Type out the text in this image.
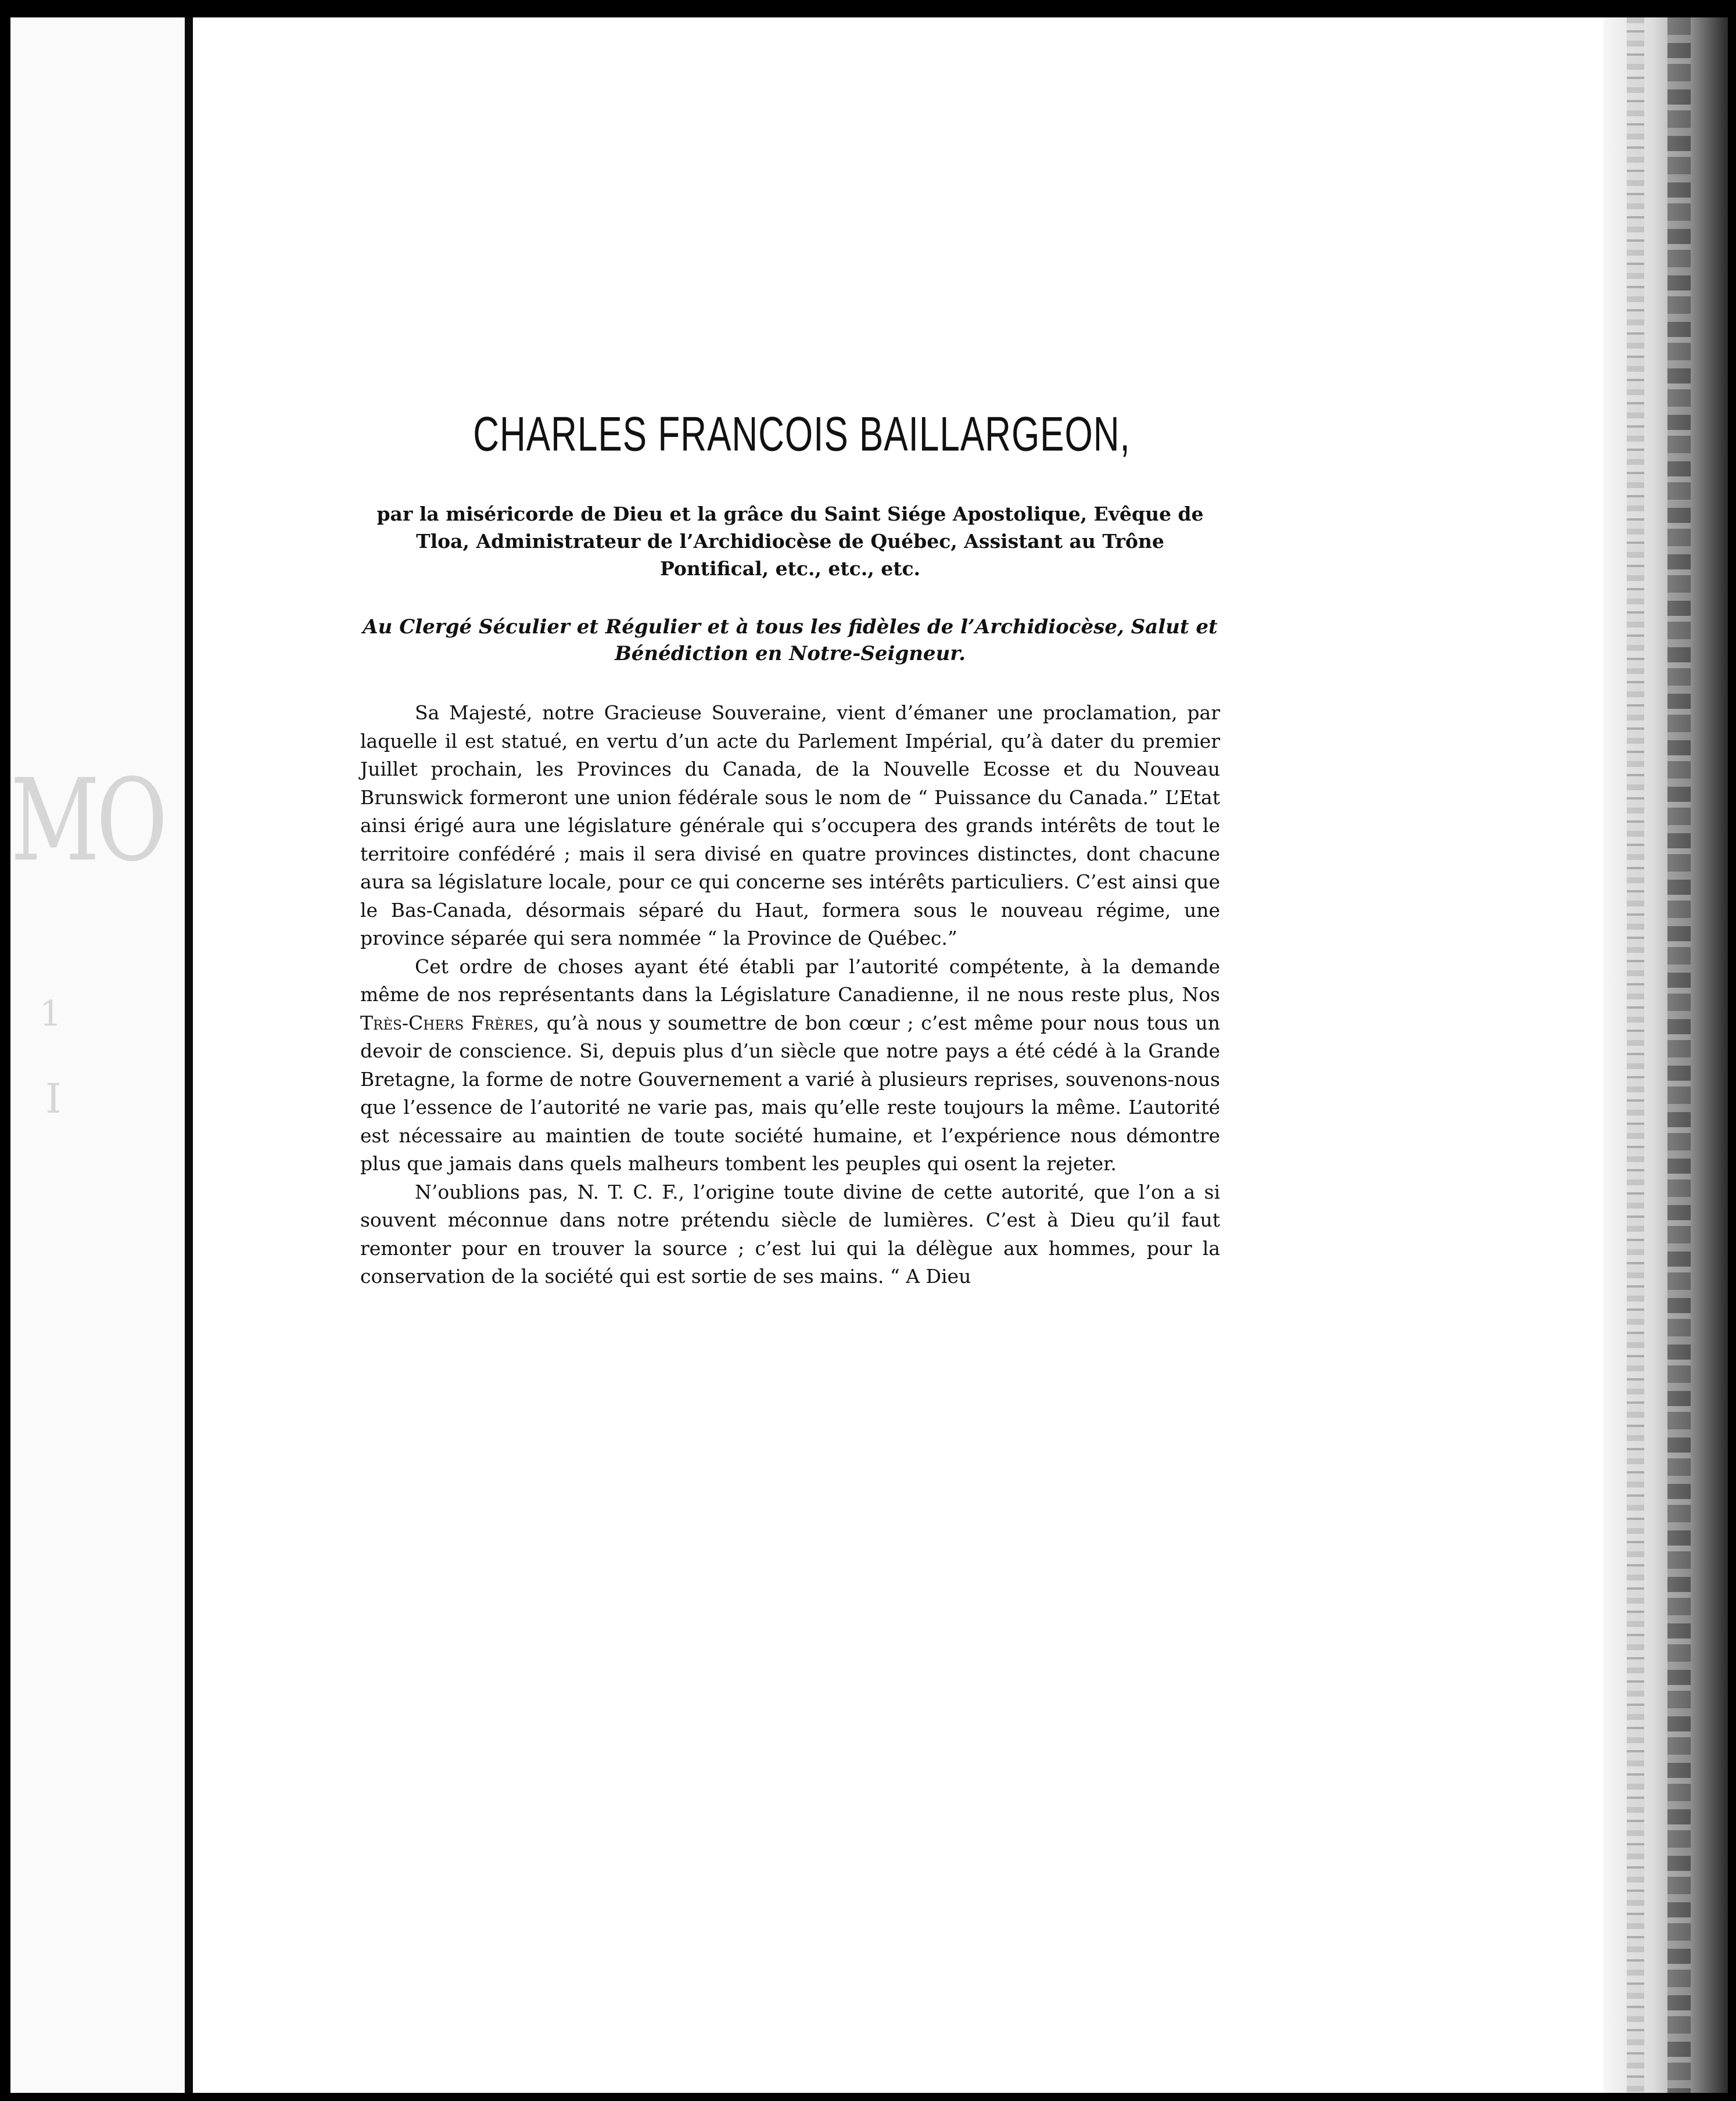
MO
1
I
CHARLES FRANCOIS BAILLARGEON,
par la miséricorde de Dieu et la grâce du Saint Siége Apostolique, Evêque de Tloa, Administrateur de l’Archidiocèse de Québec, Assistant au Trône Pontifical, etc., etc., etc.
Au Clergé Séculier et Régulier et à tous les fidèles de l’Archidiocèse, Salut et Bénédiction en Notre-Seigneur.

Sa Majesté, notre Gracieuse Souveraine, vient d’émaner une proclamation, par laquelle il est statué, en vertu d’un acte du Parlement Impérial, qu’à dater du premier Juillet prochain, les Provinces du Canada, de la Nouvelle Ecosse et du Nouveau Brunswick formeront une union fédérale sous le nom de “ Puissance du Canada.” L’Etat ainsi érigé aura une législature générale qui s’occupera des grands intérêts de tout le territoire confédéré ; mais il sera divisé en quatre provinces distinctes, dont chacune aura sa législature locale, pour ce qui concerne ses intérêts particuliers. C’est ainsi que le Bas-Canada, désormais séparé du Haut, formera sous le nouveau régime, une province séparée qui sera nommée “ la Province de Québec.”

Cet ordre de choses ayant été établi par l’autorité compétente, à la demande même de nos représentants dans la Législature Canadienne, il ne nous reste plus, Nos Très-Chers Frères, qu’à nous y soumettre de bon cœur ; c’est même pour nous tous un devoir de conscience. Si, depuis plus d’un siècle que notre pays a été cédé à la Grande Bretagne, la forme de notre Gouvernement a varié à plusieurs reprises, souvenons-nous que l’essence de l’autorité ne varie pas, mais qu’elle reste toujours la même. L’autorité est nécessaire au maintien de toute société humaine, et l’expérience nous démontre plus que jamais dans quels malheurs tombent les peuples qui osent la rejeter.

N’oublions pas, N. T. C. F., l’origine toute divine de cette autorité, que l’on a si souvent méconnue dans notre prétendu siècle de lumières. C’est à Dieu qu’il faut remonter pour en trouver la source ; c’est lui qui la délègue aux hommes, pour la conservation de la société qui est sortie de ses mains. “ A Dieu
